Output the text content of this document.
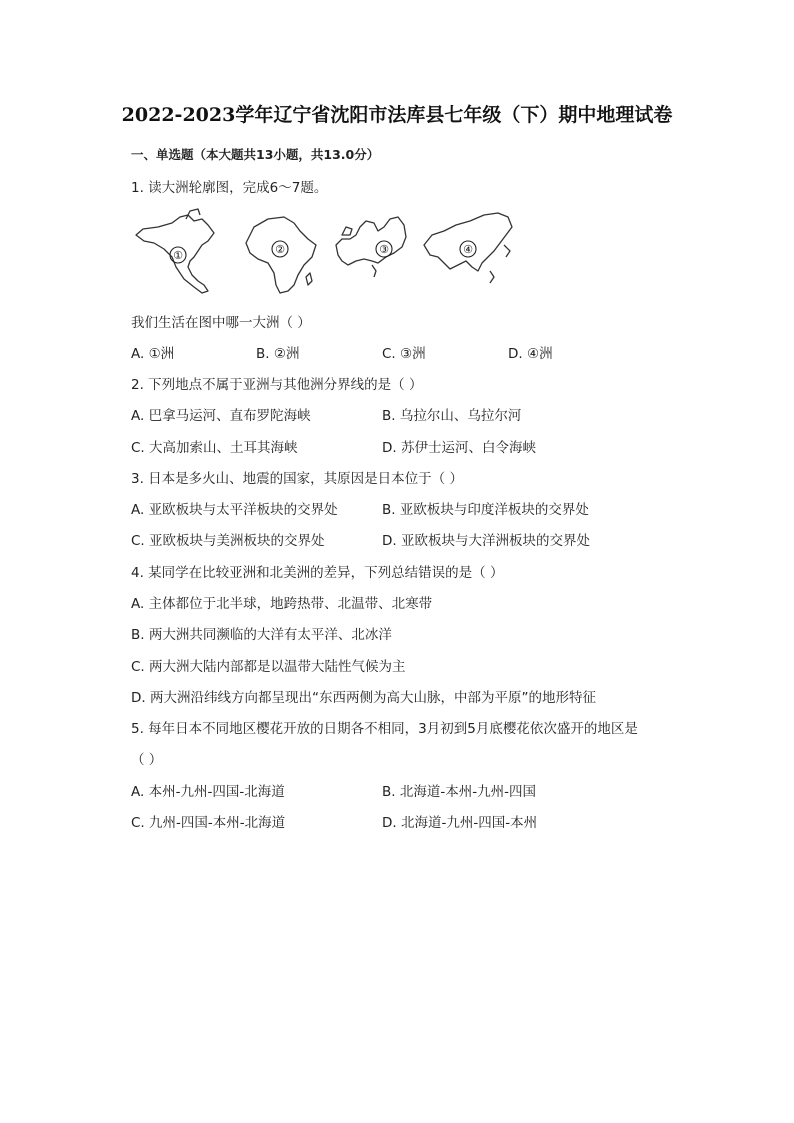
2022-2023学年辽宁省沈阳市法库县七年级（下）期中地理试卷
一、单选题（本大题共13小题，共13.0分）
1. 读大洲轮廓图，完成6～7题。
①	②	③	④
我们生活在图中哪一大洲（ ）
A. ①洲	B. ②洲	C. ③洲	D. ④洲
2. 下列地点不属于亚洲与其他洲分界线的是（ ）
A. 巴拿马运河、直布罗陀海峡	B. 乌拉尔山、乌拉尔河
C. 大高加索山、土耳其海峡	D. 苏伊士运河、白令海峡
3. 日本是多火山、地震的国家，其原因是日本位于（ ）
A. 亚欧板块与太平洋板块的交界处	B. 亚欧板块与印度洋板块的交界处
C. 亚欧板块与美洲板块的交界处	D. 亚欧板块与大洋洲板块的交界处
4. 某同学在比较亚洲和北美洲的差异，下列总结错误的是（ ）
A. 主体都位于北半球，地跨热带、北温带、北寒带
B. 两大洲共同濒临的大洋有太平洋、北冰洋
C. 两大洲大陆内部都是以温带大陆性气候为主
D. 两大洲沿纬线方向都呈现出“东西两侧为高大山脉，中部为平原”的地形特征
5. 每年日本不同地区樱花开放的日期各不相同，3月初到5月底樱花依次盛开的地区是
（ ）
A. 本州-九州-四国-北海道	B. 北海道-本州-九州-四国
C. 九州-四国-本州-北海道	D. 北海道-九州-四国-本州
